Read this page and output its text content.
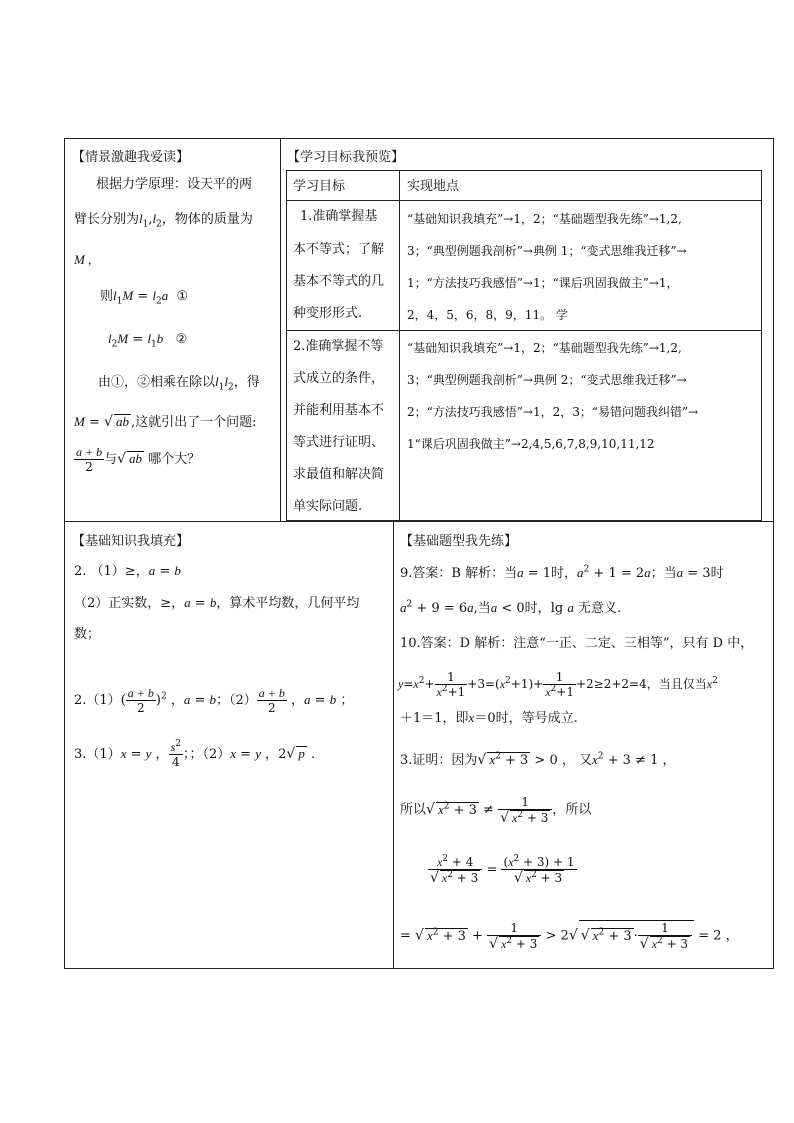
【情景激趣我爱读】
根据力学原理：设天平的两
臂长分别为$l_1,l_2$，物体的质量为
M ,
则$l_1M = l_2a$ ①
$l_2M = l_1b$ ②
由①，②相乘在除以$l_1l_2$，得
M = √ ab ,这就引出了一个问题:
$\frac{a + b}{2}$ 与√ ab 哪个大？
【学习目标我预览】
学习目标	实现地点
1.准确掌握基
本不等式；了解
基本不等式的几
种变形形式.
“基础知识我填充”→1，2；“基础题型我先练”→1,2,
3；“典型例题我剖析”→典例 1；“变式思维我迁移”→
1；“方法技巧我感悟”→1；“课后巩固我做主”→1，
2，4，5，6，8，9，11。 学
2.准确掌握不等
式成立的条件，
并能利用基本不
等式进行证明、
求最值和解决简
单实际问题.
“基础知识我填充”→1，2；“基础题型我先练”→1,2,
3；“典型例题我剖析”→典例 2；“变式思维我迁移”→
2；“方法技巧我感悟”→1，2，3；“易错问题我纠错”→
1“课后巩固我做主”→2,4,5,6,7,8,9,10,11,12
【基础知识我填充】
2. （1）≥，a = b
（2）正实数，≥，a = b，算术平均数，几何平均
数；
$2.(1)( \frac{a + b}{2} )^2$ ，a = b；$(2) \frac{a + b}{2}$ ，a = b ；
3.（1）x = y ， $\frac{s^2}{4}$ ；；（2）x = y ，2√ p .
【基础题型我先练】
9.答案：B 解析：当a = 1时，$a^2 + 1 = 2a$；当a = 3时
$a^2 + 9 = 6a$,当a < 0时，lg a 无意义.
10.答案：D 解析：注意“一正、二定、三相等”，只有 D 中，
$y=x^2+ \frac{1}{x^2+1} +3=(x^2+1)+ \frac{1}{x^2+1} +2\ge 2+2=4$，当且仅当$x^2$
＋1＝1，即x＝0时，等号成立.
3.证明：因为√ $x^2 + 3 > 0$ ， 又$x^2 + 3 \ne 1$ ，
所以√ $x^2 + 3 \ne \frac{1}{√ x^2 + 3}$ ，所以
$\frac{x^2 + 4}{√ x^2 + 3} = \frac{(x^2 + 3) + 1}{√ x^2 + 3}$
= √ $x^2 + 3 + \frac{1}{√ x^2 + 3} > 2√$ √ $x^2 + 3 \cdot \frac{1}{√ x^2 + 3} = 2$ ，
